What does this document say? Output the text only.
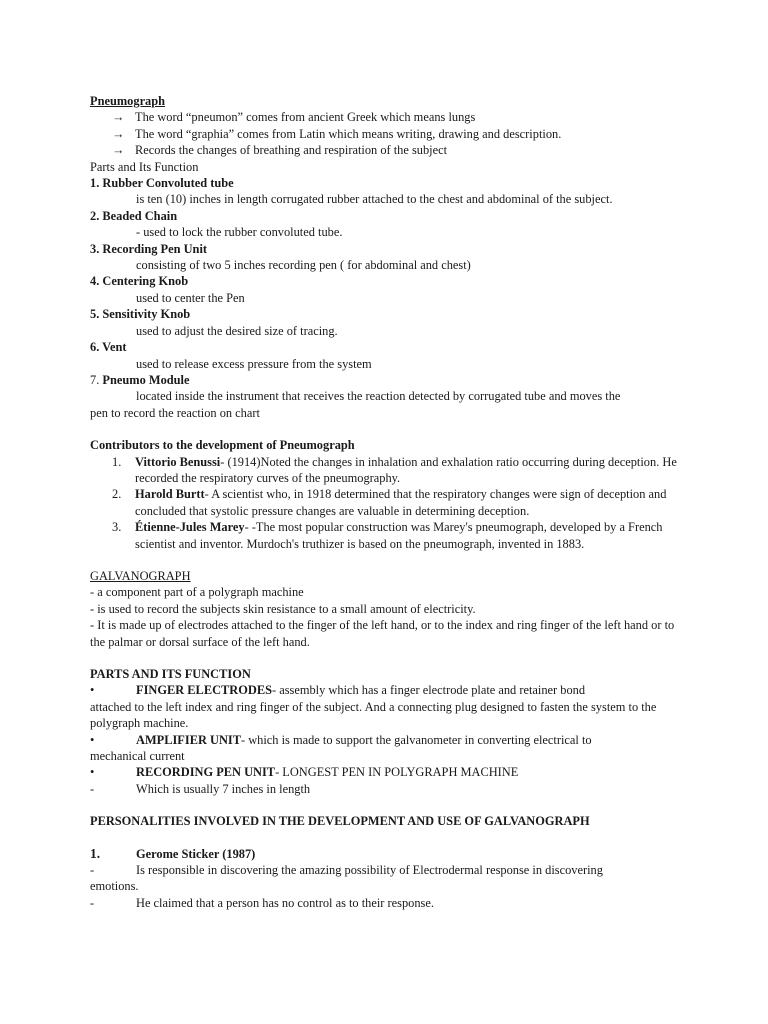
Pneumograph
→ The word “pneumon” comes from ancient Greek which means lungs
→ The word “graphia” comes from Latin which means writing, drawing and description.
→ Records the changes of breathing and respiration of the subject
Parts and Its Function
1. Rubber Convoluted tube
is ten (10) inches in length corrugated rubber attached to the chest and abdominal of the subject.
2. Beaded Chain
- used to lock the rubber convoluted tube.
3. Recording Pen Unit
consisting of two 5 inches recording pen ( for abdominal and chest)
4. Centering Knob
used to center the Pen
5. Sensitivity Knob
used to adjust the desired size of tracing.
6. Vent
used to release excess pressure from the system
7. Pneumo Module
located inside the instrument that receives the reaction detected by corrugated tube and moves the
pen to record the reaction on chart
Contributors to the development of Pneumograph
1.	Vittorio Benussi- (1914)Noted the changes in inhalation and exhalation ratio occurring during deception. He recorded the respiratory curves of the pneumography.
2.	Harold Burtt- A scientist who, in 1918 determined that the respiratory changes were sign of deception and concluded that systolic pressure changes are valuable in determining deception.
3.	Étienne-Jules Marey- -The most popular construction was Marey's pneumograph, developed by a French scientist and inventor. Murdoch's truthizer is based on the pneumograph, invented in 1883.
GALVANOGRAPH
- a component part of a polygraph machine
- is used to record the subjects skin resistance to a small amount of electricity.
- It is made up of electrodes attached to the finger of the left hand, or to the index and ring finger of the left hand or to the palmar or dorsal surface of the left hand.
PARTS AND ITS FUNCTION
•	FINGER ELECTRODES - assembly which has a finger electrode plate and retainer bond
attached to the left index and ring finger of the subject. And a connecting plug designed to fasten the system to the polygraph machine.
•	AMPLIFIER UNIT - which is made to support the galvanometer in converting electrical to
mechanical current
•	RECORDING PEN UNIT - LONGEST PEN IN POLYGRAPH MACHINE
-	Which is usually 7 inches in length
PERSONALITIES INVOLVED IN THE DEVELOPMENT AND USE OF GALVANOGRAPH
1.	Gerome Sticker (1987)
-	Is responsible in discovering the amazing possibility of Electrodermal response in discovering
emotions.
-	He claimed that a person has no control as to their response.
